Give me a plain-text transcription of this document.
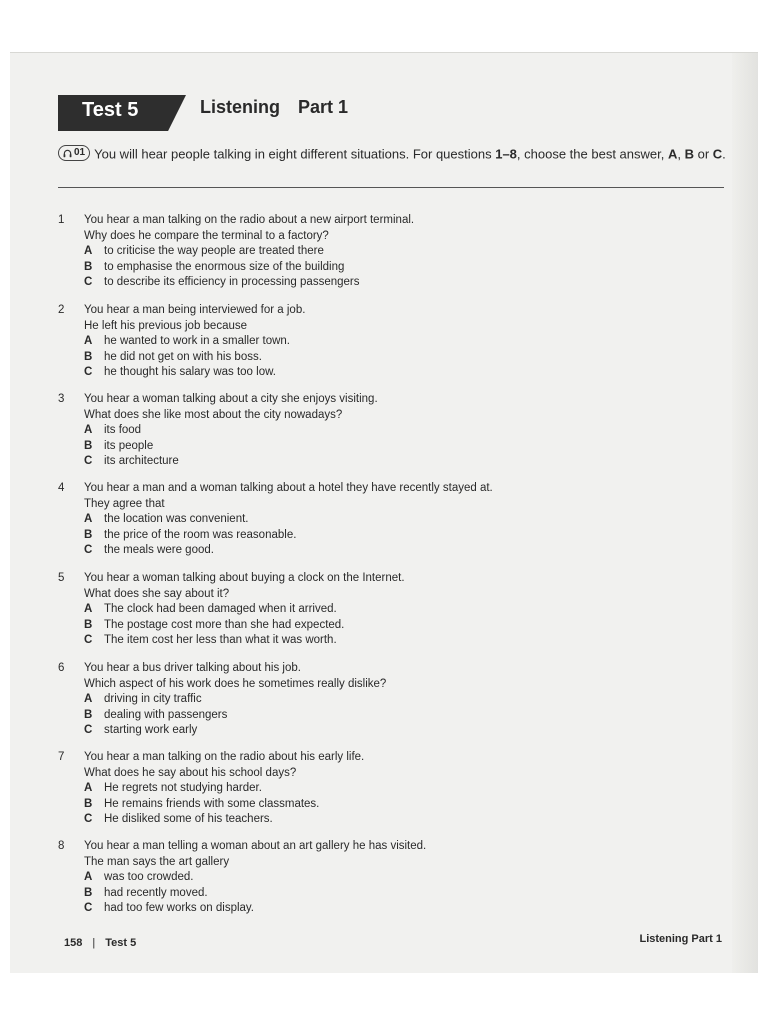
Test 5	Listening Part 1
01 You will hear people talking in eight different situations. For questions 1–8, choose the best answer, A, B or C.
1	You hear a man talking on the radio about a new airport terminal.
Why does he compare the terminal to a factory?
A	to criticise the way people are treated there
B	to emphasise the enormous size of the building
C	to describe its efficiency in processing passengers
2	You hear a man being interviewed for a job.
He left his previous job because
A	he wanted to work in a smaller town.
B	he did not get on with his boss.
C	he thought his salary was too low.
3	You hear a woman talking about a city she enjoys visiting.
What does she like most about the city nowadays?
A	its food
B	its people
C	its architecture
4	You hear a man and a woman talking about a hotel they have recently stayed at.
They agree that
A	the location was convenient.
B	the price of the room was reasonable.
C	the meals were good.
5	You hear a woman talking about buying a clock on the Internet.
What does she say about it?
A	The clock had been damaged when it arrived.
B	The postage cost more than she had expected.
C	The item cost her less than what it was worth.
6	You hear a bus driver talking about his job.
Which aspect of his work does he sometimes really dislike?
A	driving in city traffic
B	dealing with passengers
C	starting work early
7	You hear a man talking on the radio about his early life.
What does he say about his school days?
A	He regrets not studying harder.
B	He remains friends with some classmates.
C	He disliked some of his teachers.
8	You hear a man telling a woman about an art gallery he has visited.
The man says the art gallery
A	was too crowded.
B	had recently moved.
C	had too few works on display.
158 | Test 5	Listening Part 1
